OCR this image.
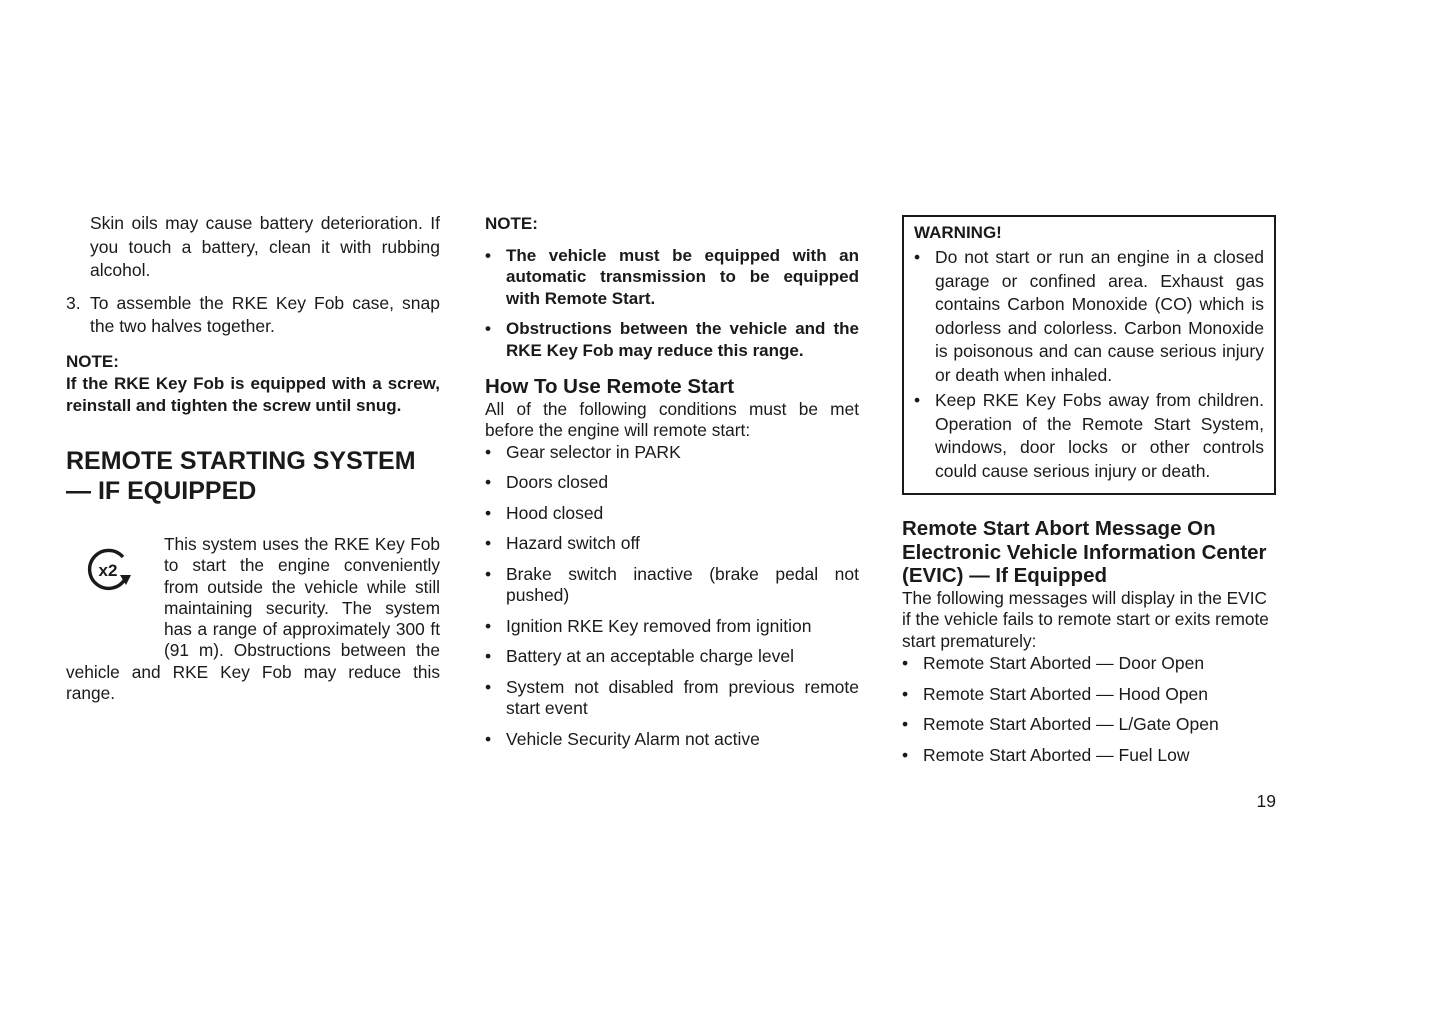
Skin oils may cause battery deterioration. If you touch a battery, clean it with rubbing alcohol.

3. To assemble the RKE Key Fob case, snap the two halves together.

NOTE:

If the RKE Key Fob is equipped with a screw, reinstall and tighten the screw until snug.

REMOTE STARTING SYSTEM
— IF EQUIPPED
x2

This system uses the RKE Key Fob to start the engine conveniently from outside the vehicle while still maintaining security. The system has a range of approximately 300 ft (91 m). Obstructions between the vehicle and RKE Key Fob may reduce this range.

NOTE:

• The vehicle must be equipped with an automatic transmission to be equipped with Remote Start.
• Obstructions between the vehicle and the RKE Key Fob may reduce this range.
How To Use Remote Start

All of the following conditions must be met before the engine will remote start:

• Gear selector in PARK
• Doors closed
• Hood closed
• Hazard switch off
• Brake switch inactive (brake pedal not pushed)
• Ignition RKE Key removed from ignition
• Battery at an acceptable charge level
• System not disabled from previous remote start event
• Vehicle Security Alarm not active
WARNING!
• Do not start or run an engine in a closed garage or confined area. Exhaust gas contains Carbon Monoxide (CO) which is odorless and colorless. Carbon Monoxide is poisonous and can cause serious injury or death when inhaled.
• Keep RKE Key Fobs away from children. Operation of the Remote Start System, windows, door locks or other controls could cause serious injury or death.
Remote Start Abort Message On Electronic Vehicle Information Center (EVIC) — If Equipped

The following messages will display in the EVIC if the vehicle fails to remote start or exits remote start prematurely:

• Remote Start Aborted — Door Open
• Remote Start Aborted — Hood Open
• Remote Start Aborted — L/Gate Open
• Remote Start Aborted — Fuel Low
19
